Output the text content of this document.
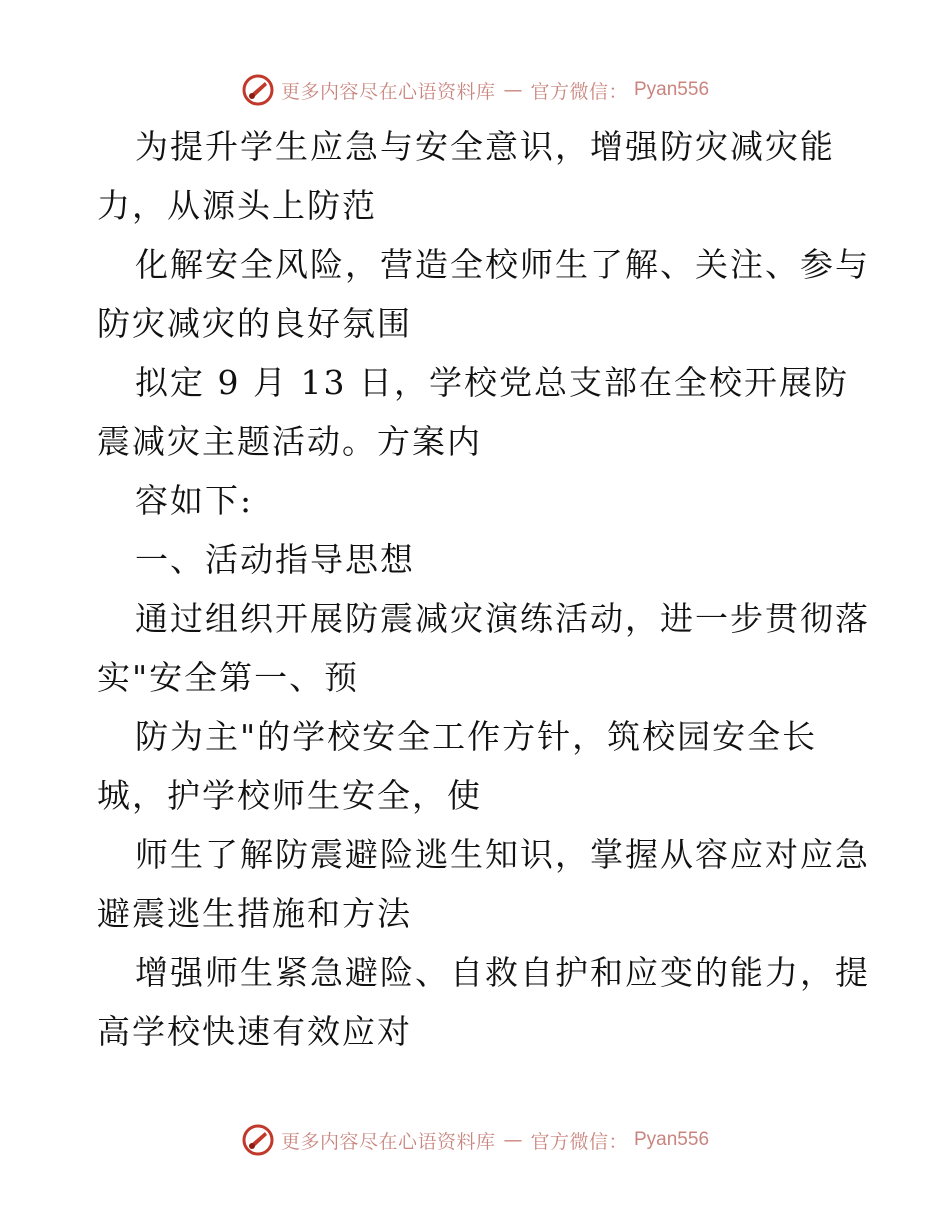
更多内容尽在心语资料库 — 官方微信： Pyan556
为提升学生应急与安全意识，增强防灾减灾能
力，从源头上防范
化解安全风险，营造全校师生了解、关注、参与
防灾减灾的良好氛围
拟定 9 月 13 日，学校党总支部在全校开展防
震减灾主题活动。方案内
容如下:
一、活动指导思想
通过组织开展防震减灾演练活动，进一步贯彻落
实"安全第一、预
防为主"的学校安全工作方针，筑校园安全长
城，护学校师生安全，使
师生了解防震避险逃生知识，掌握从容应对应急
避震逃生措施和方法
增强师生紧急避险、自救自护和应变的能力，提
高学校快速有效应对
更多内容尽在心语资料库 — 官方微信： Pyan556
